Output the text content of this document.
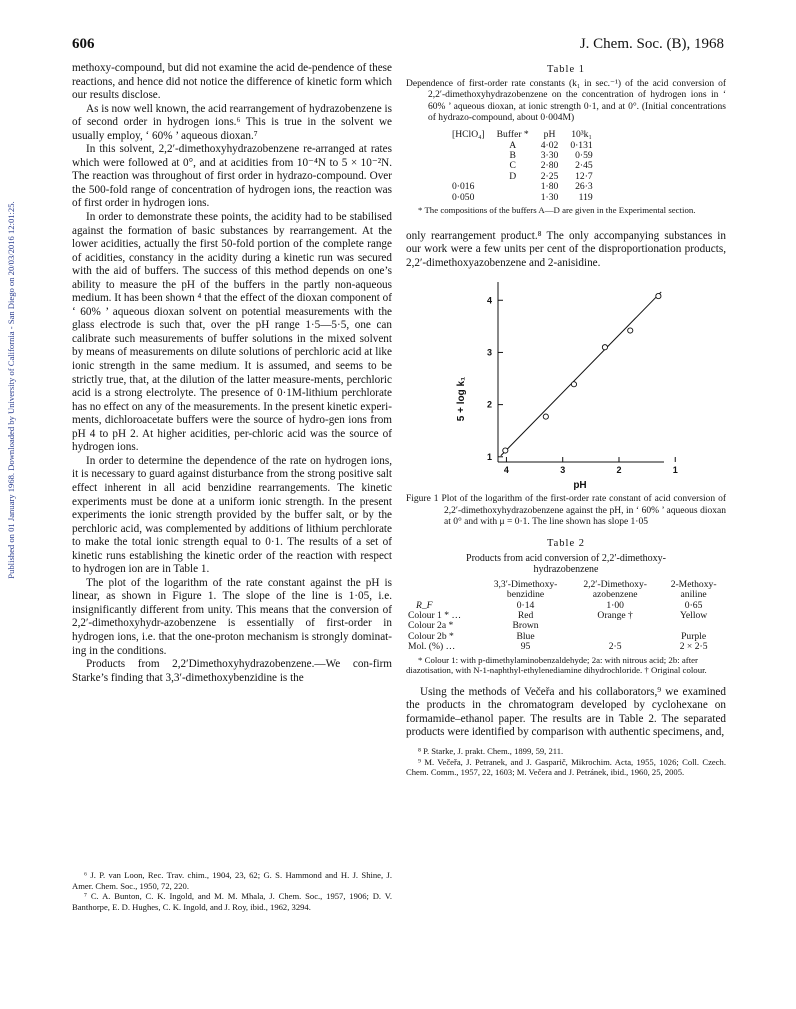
606	J. Chem. Soc. (B), 1968
Published on 01 January 1968. Downloaded by University of California - San Diego on 20/03/2016 12:01:25.

methoxy-compound, but did not examine the acid de-pendence of these reactions, and hence did not notice the difference of kinetic form which our results disclose.

As is now well known, the acid rearrangement of hydrazobenzene is of second order in hydrogen ions.⁶ This is true in the solvent we usually employ, ‘ 60% ’ aqueous dioxan.⁷

In this solvent, 2,2′-dimethoxyhydrazobenzene re-arranged at rates which were followed at 0°, and at acidities from 10⁻⁴N to 5 × 10⁻²N. The reaction was throughout of first order in hydrazo-compound. Over the 500-fold range of concentration of hydrogen ions, the reaction was of first order in hydrogen ions.

In order to demonstrate these points, the acidity had to be stabilised against the formation of basic substances by rearrangement. At the lower acidities, actually the first 50-fold portion of the complete range of acidities, constancy in the acidity during a kinetic run was secured with the aid of buffers. The success of this method depends on one’s ability to measure the pH of the buffers in the partly non-aqueous medium. It has been shown ⁴ that the effect of the dioxan component of ‘ 60% ’ aqueous dioxan solvent on potential measurements with the glass electrode is such that, over the pH range 1·5—5·5, one can calibrate such measurements of buffer solutions in the mixed solvent by means of measurements on dilute solutions of perchloric acid at like ionic strength in the same medium. It is assumed, and seems to be strictly true, that, at the dilution of the latter measure-ments, perchloric acid is a strong electrolyte. The presence of 0·1M-lithium perchlorate has no effect on any of the measurements. In the present kinetic experi-ments, dichloroacetate buffers were the source of hydro-gen ions from pH 4 to pH 2. At higher acidities, per-chloric acid was the source of hydrogen ions.

In order to determine the dependence of the rate on hydrogen ions, it is necessary to guard against disturbance from the strong positive salt effect inherent in all acid benzidine rearrangements. The kinetic experiments must be done at a uniform ionic strength. In the present experiments the ionic strength provided by the buffer salt, or by the perchloric acid, was complemented by additions of lithium perchlorate to make the total ionic strength equal to 0·1. The results of a set of kinetic runs establishing the kinetic order of the reaction with respect to hydrogen ion are in Table 1.

The plot of the logarithm of the rate constant against the pH is linear, as shown in Figure 1. The slope of the line is 1·05, i.e. insignificantly different from unity. This means that the conversion of 2,2′-dimethoxyhydr-azobenzene is essentially of first-order in hydrogen ions, i.e. that the one-proton mechanism is strongly dominat-ing in the conditions.

Products from 2,2′Dimethoxyhydrazobenzene.—We con-firm Starke’s finding that 3,3′-dimethoxybenzidine is the

⁶ J. P. van Loon, Rec. Trav. chim., 1904, 23, 62; G. S. Hammond and H. J. Shine, J. Amer. Chem. Soc., 1950, 72, 220.

⁷ C. A. Bunton, C. K. Ingold, and M. M. Mhala, J. Chem. Soc., 1957, 1906; D. V. Banthorpe, E. D. Hughes, C. K. Ingold, and J. Roy, ibid., 1962, 3294.

Table 1

Dependence of first-order rate constants (k₁ in sec.⁻¹) of the acid conversion of 2,2′-dimethoxyhydrazobenzene on the concentration of hydrogen ions in ‘ 60% ’ aqueous dioxan, at ionic strength 0·1, and at 0°. (Initial concentrations of hydrazo-compound, about 0·004M)

[HClO₄]	Buffer *	pH	10³k₁
	A	4·02	0·131
	B	3·30	0·59
	C	2·80	2·45
	D	2·25	12·7
0·016		1·80	26·3
0·050		1·30	119

* The compositions of the buffers A—D are given in the Experimental section.

only rearrangement product.⁸ The only accompanying substances in our work were a few units per cent of the disproportionation products, 2,2′-dimethoxyazobenzene and 2-anisidine.

5 + log k₁
pH
4	3	2	1
1
2
3
4

Figure 1 Plot of the logarithm of the first-order rate constant of acid conversion of 2,2′-dimethoxyhydrazobenzene against the pH, in ‘ 60% ’ aqueous dioxan at 0° and with μ = 0·1. The line shown has slope 1·05

Table 2

Products from acid conversion of 2,2′-dimethoxy-hydrazobenzene

	3,3′-Dimethoxy-benzidine	2,2′-Dimethoxy-azobenzene	2-Methoxy-aniline
R_F	0·14	1·00	0·65
Colour 1 * …	Red	Orange †	Yellow
Colour 2a *	Brown		
Colour 2b *	Blue		Purple
Mol. (%) …	95	2·5	2 × 2·5

* Colour 1: with p-dimethylaminobenzaldehyde; 2a: with nitrous acid; 2b: after diazotisation, with N-1-naphthyl-ethylenediamine dihydrochloride. † Original colour.

Using the methods of Večeřa and his collaborators,⁹ we examined the products in the chromatogram developed by cyclohexane on formamide–ethanol paper. The results are in Table 2. The separated products were identified by comparison with authentic specimens, and,

⁸ P. Starke, J. prakt. Chem., 1899, 59, 211.

⁹ M. Večeřa, J. Petranek, and J. Gasparič, Mikrochim. Acta, 1955, 1026; Coll. Czech. Chem. Comm., 1957, 22, 1603; M. Večera and J. Petránek, ibid., 1960, 25, 2005.
